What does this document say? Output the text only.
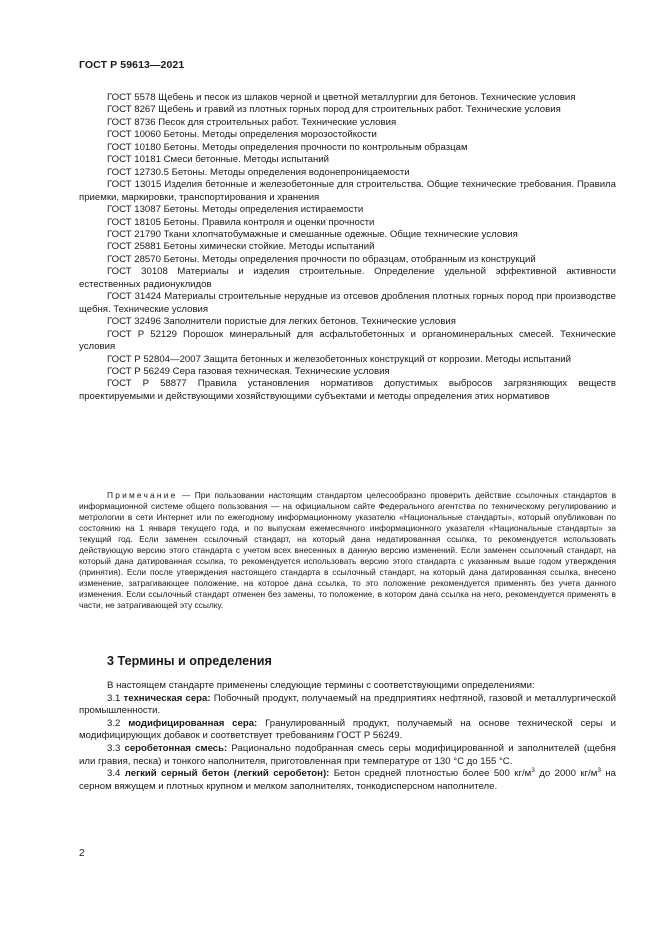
ГОСТ Р 59613—2021

ГОСТ 5578 Щебень и песок из шлаков черной и цветной металлургии для бетонов. Технические условия

ГОСТ 8267 Щебень и гравий из плотных горных пород для строительных работ. Технические условия

ГОСТ 8736 Песок для строительных работ. Технические условия

ГОСТ 10060 Бетоны. Методы определения морозостойкости

ГОСТ 10180 Бетоны. Методы определения прочности по контрольным образцам

ГОСТ 10181 Смеси бетонные. Методы испытаний

ГОСТ 12730.5 Бетоны. Методы определения водонепроницаемости

ГОСТ 13015 Изделия бетонные и железобетонные для строительства. Общие технические требования. Правила приемки, маркировки, транспортирования и хранения

ГОСТ 13087 Бетоны. Методы определения истираемости

ГОСТ 18105 Бетоны. Правила контроля и оценки прочности

ГОСТ 21790 Ткани хлопчатобумажные и смешанные одежные. Общие технические условия

ГОСТ 25881 Бетоны химически стойкие. Методы испытаний

ГОСТ 28570 Бетоны. Методы определения прочности по образцам, отобранным из конструкций

ГОСТ 30108 Материалы и изделия строительные. Определение удельной эффективной активности естественных радионуклидов

ГОСТ 31424 Материалы строительные нерудные из отсевов дробления плотных горных пород при производстве щебня. Технические условия

ГОСТ 32496 Заполнители пористые для легких бетонов. Технические условия

ГОСТ Р 52129 Порошок минеральный для асфальтобетонных и органоминеральных смесей. Технические условия

ГОСТ Р 52804—2007 Защита бетонных и железобетонных конструкций от коррозии. Методы испытаний

ГОСТ Р 56249 Сера газовая техническая. Технические условия

ГОСТ Р 58877 Правила установления нормативов допустимых выбросов загрязняющих веществ проектируемыми и действующими хозяйствующими субъектами и методы определения этих нормативов

Примечание — При пользовании настоящим стандартом целесообразно проверить действие ссылочных стандартов в информационной системе общего пользования — на официальном сайте Федерального агентства по техническому регулированию и метрологии в сети Интернет или по ежегодному информационному указателю «Национальные стандарты», который опубликован по состоянию на 1 января текущего года, и по выпускам ежемесячного информационного указателя «Национальные стандарты» за текущий год. Если заменен ссылочный стандарт, на который дана недатированная ссылка, то рекомендуется использовать действующую версию этого стандарта с учетом всех внесенных в данную версию изменений. Если заменен ссылочный стандарт, на который дана датированная ссылка, то рекомендуется использовать версию этого стандарта с указанным выше годом утверждения (принятия). Если после утверждения настоящего стандарта в ссылочный стандарт, на который дана датированная ссылка, внесено изменение, затрагивающее положение, на которое дана ссылка, то это положение рекомендуется применять без учета данного изменения. Если ссылочный стандарт отменен без замены, то положение, в котором дана ссылка на него, рекомендуется применять в части, не затрагивающей эту ссылку.

3 Термины и определения

В настоящем стандарте применены следующие термины с соответствующими определениями:

3.1 техническая сера: Побочный продукт, получаемый на предприятиях нефтяной, газовой и металлургической промышленности.

3.2 модифицированная сера: Гранулированный продукт, получаемый на основе технической серы и модифицирующих добавок и соответствует требованиям ГОСТ Р 56249.

3.3 серобетонная смесь: Рационально подобранная смесь серы модифицированной и заполнителей (щебня или гравия, песка) и тонкого наполнителя, приготовленная при температуре от 130 °C до 155 °C.

3.4 легкий серный бетон (легкий серобетон): Бетон средней плотностью более 500 $кг/м^3$ до 2000 $кг/м^3$ на серном вяжущем и плотных крупном и мелком заполнителях, тонкодисперсном наполнителе.

2
